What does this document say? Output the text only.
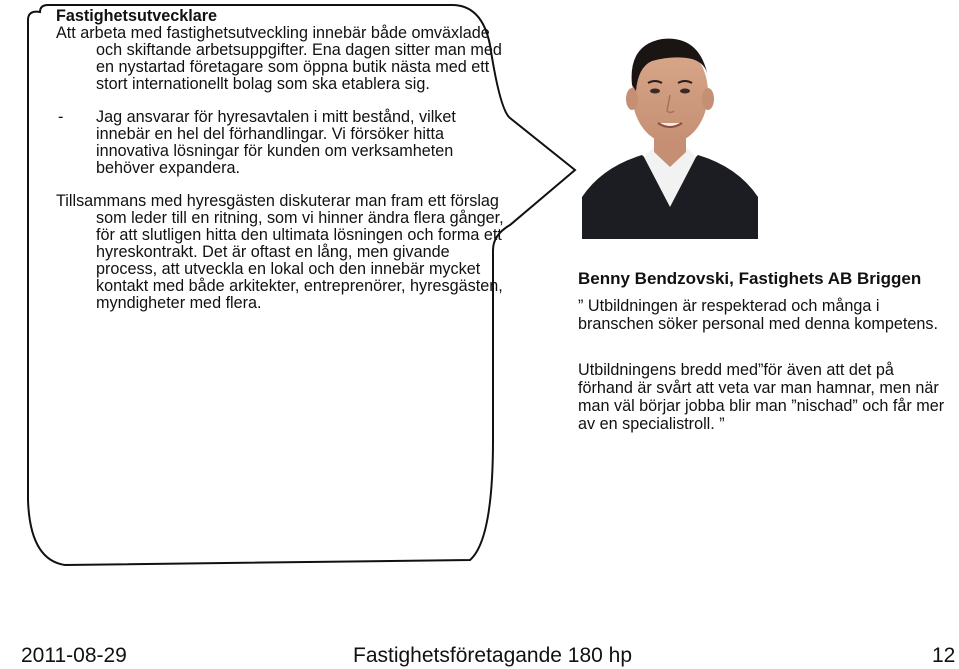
Fastighetsutvecklare
Att arbeta med fastighetsutveckling innebär både omväxlade och skiftande arbetsuppgifter. Ena dagen sitter man med en nystartad företagare som öppna butik nästa med ett stort internationellt bolag som ska etablera sig.
- Jag ansvarar för hyresavtalen i mitt bestånd, vilket innebär en hel del förhandlingar. Vi försöker hitta innovativa lösningar för kunden om verksamheten behöver expandera.
Tillsammans med hyresgästen diskuterar man fram ett förslag som leder till en ritning, som vi hinner ändra flera gånger, för att slutligen hitta den ultimata lösningen och forma ett hyreskontrakt. Det är oftast en lång, men givande process, att utveckla en lokal och den innebär mycket kontakt med både arkitekter, entreprenörer, hyresgästen, myndigheter med flera.
Benny Bendzovski, Fastighets AB Briggen
” Utbildningen är respekterad och många i branschen söker personal med denna kompetens.
Utbildningens bredd med”för även att det på förhand är svårt att veta var man hamnar, men när man väl börjar jobba blir man ”nischad” och får mer av en specialistroll. ”
2011-08-29	Fastighetsföretagande 180 hp	12
